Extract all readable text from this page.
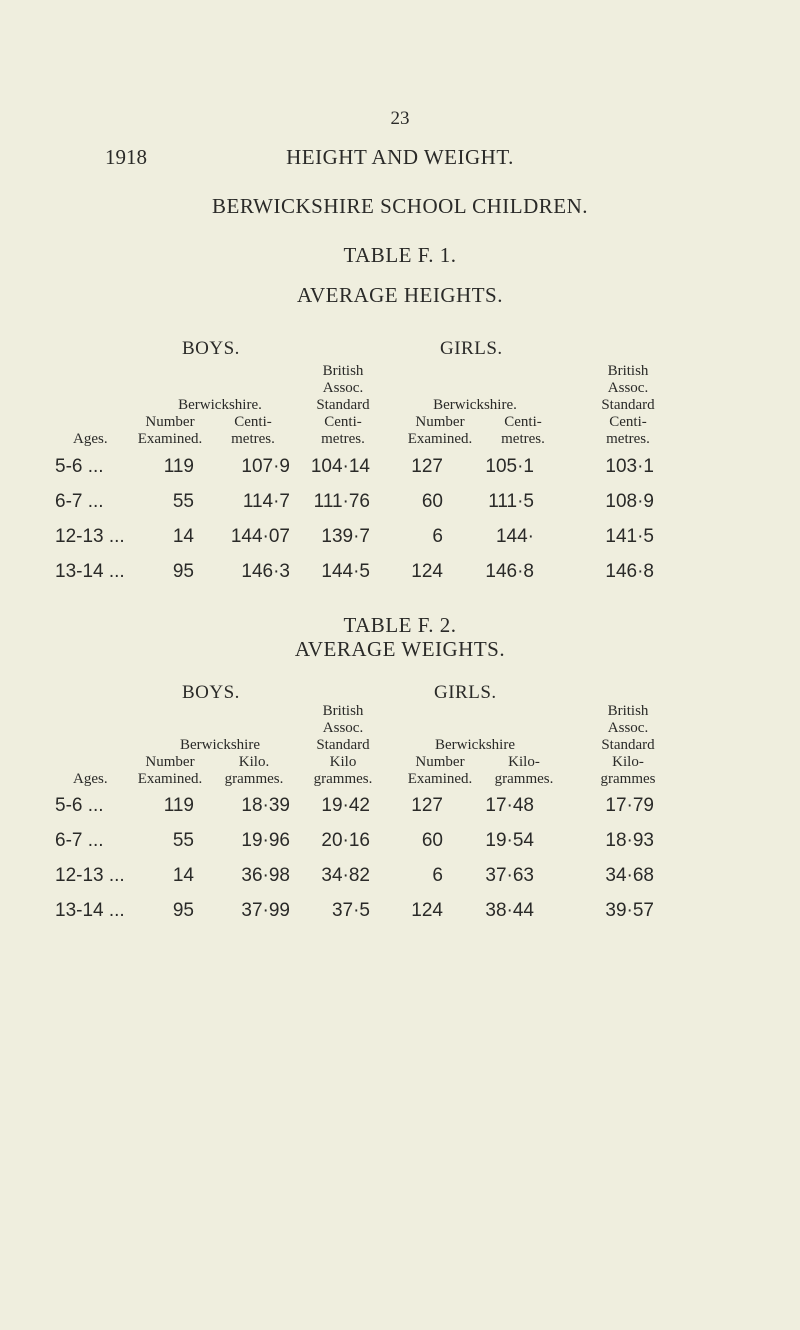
23
1918	HEIGHT AND WEIGHT.
BERWICKSHIRE SCHOOL CHILDREN.
TABLE F. 1.
AVERAGE HEIGHTS.
BOYS.	GIRLS.
British
Assoc.
Standard
Centi-
metres.
British
Assoc.
Standard
Centi-
metres.
Berwickshire.	Berwickshire.
Number
Examined.
Centi-
metres.
Number
Examined.
Centi-
metres.
Ages.
5-6 ...	119	107·9	104·14	127	105·1	103·1
6-7 ...	55	114·7	111·76	60	111·5	108·9
12-13 ...	14	144·07	139·7	6	144·	141·5
13-14 ...	95	146·3	144·5	124	146·8	146·8
TABLE F. 2.
AVERAGE WEIGHTS.
BOYS.	GIRLS.
British
Assoc.
Standard
Kilo
grammes.
British
Assoc.
Standard
Kilo-
grammes
Berwickshire	Berwickshire
Number
Examined.
Kilo.
grammes.
Number
Examined.
Kilo-
grammes.
Ages.
5-6 ...	119	18·39	19·42	127	17·48	17·79
6-7 ...	55	19·96	20·16	60	19·54	18·93
12-13 ...	14	36·98	34·82	6	37·63	34·68
13-14 ...	95	37·99	37·5	124	38·44	39·57
